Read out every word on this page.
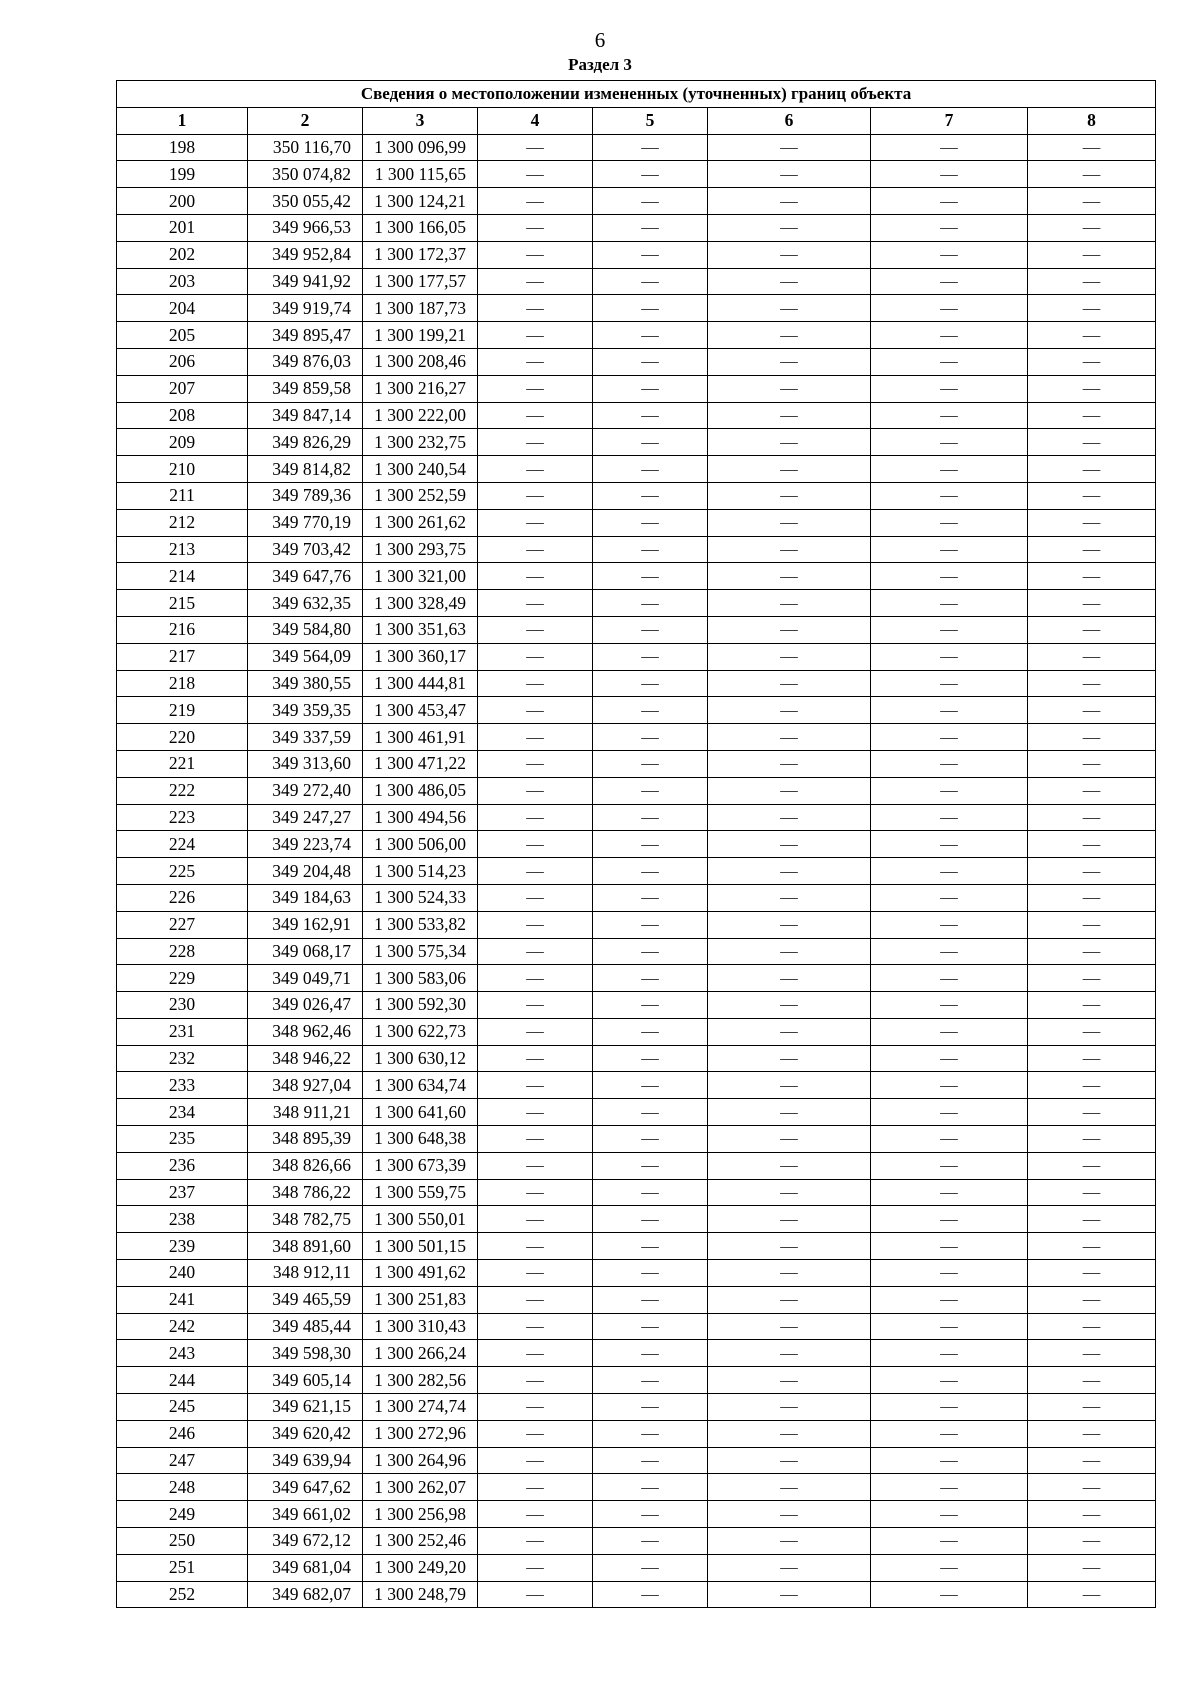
6
Раздел 3
Сведения о местоположении измененных (уточненных) границ объекта							
1	2	3	4	5	6	7	8
198	350 116,70	1 300 096,99	—	—	—	—	—
199	350 074,82	1 300 115,65	—	—	—	—	—
200	350 055,42	1 300 124,21	—	—	—	—	—
201	349 966,53	1 300 166,05	—	—	—	—	—
202	349 952,84	1 300 172,37	—	—	—	—	—
203	349 941,92	1 300 177,57	—	—	—	—	—
204	349 919,74	1 300 187,73	—	—	—	—	—
205	349 895,47	1 300 199,21	—	—	—	—	—
206	349 876,03	1 300 208,46	—	—	—	—	—
207	349 859,58	1 300 216,27	—	—	—	—	—
208	349 847,14	1 300 222,00	—	—	—	—	—
209	349 826,29	1 300 232,75	—	—	—	—	—
210	349 814,82	1 300 240,54	—	—	—	—	—
211	349 789,36	1 300 252,59	—	—	—	—	—
212	349 770,19	1 300 261,62	—	—	—	—	—
213	349 703,42	1 300 293,75	—	—	—	—	—
214	349 647,76	1 300 321,00	—	—	—	—	—
215	349 632,35	1 300 328,49	—	—	—	—	—
216	349 584,80	1 300 351,63	—	—	—	—	—
217	349 564,09	1 300 360,17	—	—	—	—	—
218	349 380,55	1 300 444,81	—	—	—	—	—
219	349 359,35	1 300 453,47	—	—	—	—	—
220	349 337,59	1 300 461,91	—	—	—	—	—
221	349 313,60	1 300 471,22	—	—	—	—	—
222	349 272,40	1 300 486,05	—	—	—	—	—
223	349 247,27	1 300 494,56	—	—	—	—	—
224	349 223,74	1 300 506,00	—	—	—	—	—
225	349 204,48	1 300 514,23	—	—	—	—	—
226	349 184,63	1 300 524,33	—	—	—	—	—
227	349 162,91	1 300 533,82	—	—	—	—	—
228	349 068,17	1 300 575,34	—	—	—	—	—
229	349 049,71	1 300 583,06	—	—	—	—	—
230	349 026,47	1 300 592,30	—	—	—	—	—
231	348 962,46	1 300 622,73	—	—	—	—	—
232	348 946,22	1 300 630,12	—	—	—	—	—
233	348 927,04	1 300 634,74	—	—	—	—	—
234	348 911,21	1 300 641,60	—	—	—	—	—
235	348 895,39	1 300 648,38	—	—	—	—	—
236	348 826,66	1 300 673,39	—	—	—	—	—
237	348 786,22	1 300 559,75	—	—	—	—	—
238	348 782,75	1 300 550,01	—	—	—	—	—
239	348 891,60	1 300 501,15	—	—	—	—	—
240	348 912,11	1 300 491,62	—	—	—	—	—
241	349 465,59	1 300 251,83	—	—	—	—	—
242	349 485,44	1 300 310,43	—	—	—	—	—
243	349 598,30	1 300 266,24	—	—	—	—	—
244	349 605,14	1 300 282,56	—	—	—	—	—
245	349 621,15	1 300 274,74	—	—	—	—	—
246	349 620,42	1 300 272,96	—	—	—	—	—
247	349 639,94	1 300 264,96	—	—	—	—	—
248	349 647,62	1 300 262,07	—	—	—	—	—
249	349 661,02	1 300 256,98	—	—	—	—	—
250	349 672,12	1 300 252,46	—	—	—	—	—
251	349 681,04	1 300 249,20	—	—	—	—	—
252	349 682,07	1 300 248,79	—	—	—	—	—
